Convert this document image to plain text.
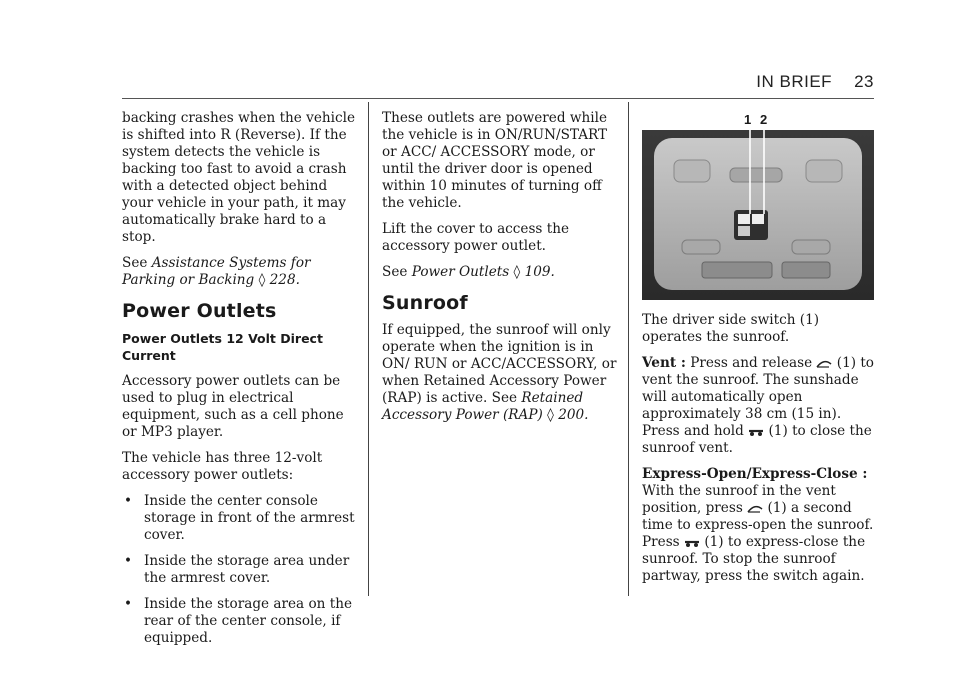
IN BRIEF 23

backing crashes when the vehicle is shifted into R (Reverse). If the system detects the vehicle is backing too fast to avoid a crash with a detected object behind your vehicle in your path, it may automatically brake hard to a stop.

See Assistance Systems for Parking or Backing ◊ 228.

Power Outlets
Power Outlets 12 Volt Direct Current

Accessory power outlets can be used to plug in electrical equipment, such as a cell phone or MP3 player.

The vehicle has three 12-volt accessory power outlets:

• Inside the center console storage in front of the armrest cover.
• Inside the storage area under the armrest cover.
• Inside the storage area on the rear of the center console, if equipped.

These outlets are powered while the vehicle is in ON/RUN/START or ACC/ ACCESSORY mode, or until the driver door is opened within 10 minutes of turning off the vehicle.

Lift the cover to access the accessory power outlet.

See Power Outlets ◊ 109.

Sunroof

If equipped, the sunroof will only operate when the ignition is in ON/ RUN or ACC/ACCESSORY, or when Retained Accessory Power (RAP) is active. See Retained Accessory Power (RAP) ◊ 200.

1 2

The driver side switch (1) operates the sunroof.

Vent : Press and release (1) to vent the sunroof. The sunshade will automatically open approximately 38 cm (15 in). Press and hold (1) to close the sunroof vent.

Express-Open/Express-Close : With the sunroof in the vent position, press (1) a second time to express-open the sunroof. Press (1) to express-close the sunroof. To stop the sunroof partway, press the switch again.
